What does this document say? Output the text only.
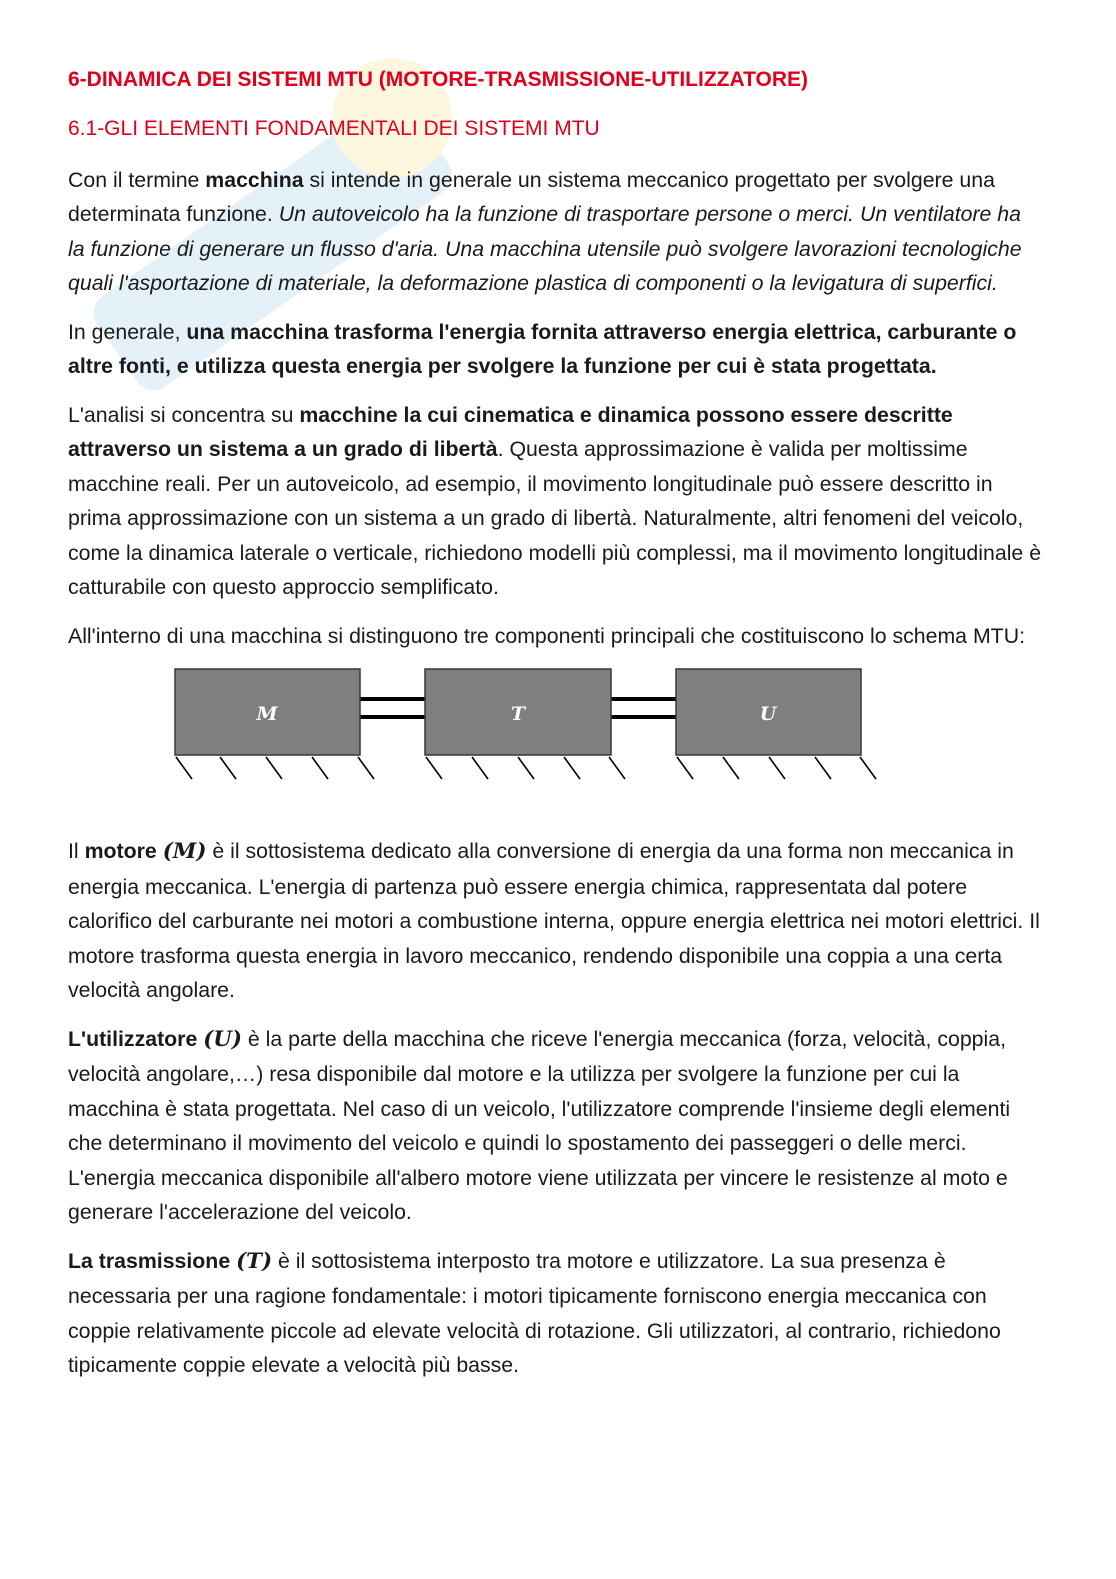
6-DINAMICA DEI SISTEMI MTU (MOTORE-TRASMISSIONE-UTILIZZATORE)
6.1-GLI ELEMENTI FONDAMENTALI DEI SISTEMI MTU

Con il termine macchina si intende in generale un sistema meccanico progettato per svolgere una determinata funzione. Un autoveicolo ha la funzione di trasportare persone o merci. Un ventilatore ha la funzione di generare un flusso d'aria. Una macchina utensile può svolgere lavorazioni tecnologiche quali l'asportazione di materiale, la deformazione plastica di componenti o la levigatura di superfici.

In generale, una macchina trasforma l'energia fornita attraverso energia elettrica, carburante o altre fonti, e utilizza questa energia per svolgere la funzione per cui è stata progettata.

L'analisi si concentra su macchine la cui cinematica e dinamica possono essere descritte attraverso un sistema a un grado di libertà. Questa approssimazione è valida per moltissime macchine reali. Per un autoveicolo, ad esempio, il movimento longitudinale può essere descritto in prima approssimazione con un sistema a un grado di libertà. Naturalmente, altri fenomeni del veicolo, come la dinamica laterale o verticale, richiedono modelli più complessi, ma il movimento longitudinale è catturabile con questo approccio semplificato.

All'interno di una macchina si distinguono tre componenti principali che costituiscono lo schema MTU:

M	T	U

Il motore (M) è il sottosistema dedicato alla conversione di energia da una forma non meccanica in energia meccanica. L'energia di partenza può essere energia chimica, rappresentata dal potere calorifico del carburante nei motori a combustione interna, oppure energia elettrica nei motori elettrici. Il motore trasforma questa energia in lavoro meccanico, rendendo disponibile una coppia a una certa velocità angolare.

L'utilizzatore (U) è la parte della macchina che riceve l'energia meccanica (forza, velocità, coppia, velocità angolare,…) resa disponibile dal motore e la utilizza per svolgere la funzione per cui la macchina è stata progettata. Nel caso di un veicolo, l'utilizzatore comprende l'insieme degli elementi che determinano il movimento del veicolo e quindi lo spostamento dei passeggeri o delle merci. L'energia meccanica disponibile all'albero motore viene utilizzata per vincere le resistenze al moto e generare l'accelerazione del veicolo.

La trasmissione (T) è il sottosistema interposto tra motore e utilizzatore. La sua presenza è necessaria per una ragione fondamentale: i motori tipicamente forniscono energia meccanica con coppie relativamente piccole ad elevate velocità di rotazione. Gli utilizzatori, al contrario, richiedono tipicamente coppie elevate a velocità più basse.
